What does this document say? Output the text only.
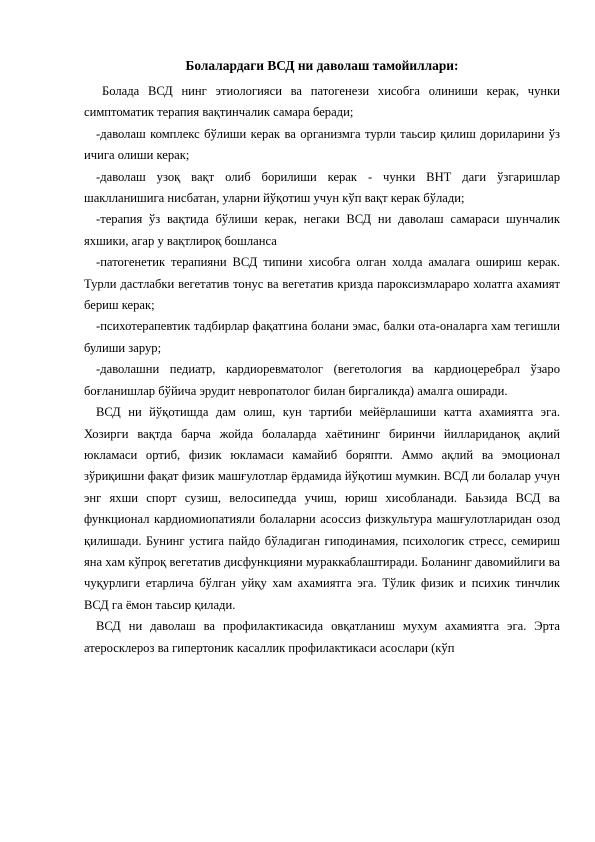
Болалардаги ВСД ни даволаш тамойиллари:

Болада ВСД нинг этиологияси ва патогенези хисобга олиниши керак, чунки симптоматик терапия вақтинчалик самара беради;

-даволаш комплекс бўлиши керак ва организмга турли таьсир қилиш дориларини ўз ичига олиши керак;

-даволаш узоқ вақт олиб борилиши керак - чунки ВНТ даги ўзгаришлар шаклланишига нисбатан, уларни йўқотиш учун кўп вақт керак бўлади;

-терапия ўз вақтида бўлиши керак, негаки ВСД ни даволаш самараси шунчалик яхшики, агар у вақтлироқ бошланса

-патогенетик терапияни ВСД типини хисобга олган холда амалага ошириш керак. Турли дастлабки вегетатив тонус ва вегетатив кризда пароксизмлараро холатга ахамият бериш керак;

-психотерапевтик тадбирлар фақатгина болани эмас, балки ота-оналарга хам тегишли булиши зарур;

-даволашни педиатр, кардиоревматолог (вегетология ва кардиоцеребрал ўзаро боғланишлар бўйича эрудит невропатолог билан биргаликда) амалга оширади.

ВСД ни йўқотишда дам олиш, кун тартиби мейёрлашиши катта ахамиятга эга. Хозирги вақтда барча жойда болаларда хаётининг биринчи йиллариданоқ ақлий юкламаси ортиб, физик юкламаси камайиб боряпти. Аммо ақлий ва эмоционал зўриқишни фақат физик машғулотлар ёрдамида йўқотиш мумкин. ВСД ли болалар учун энг яхши спорт сузиш, велосипедда учиш, юриш хисобланади. Баьзида ВСД ва функционал кардиомиопатияли болаларни асоссиз физкультура машғулотларидан озод қилишади. Бунинг устига пайдо бўладиган гиподинамия, психологик стресс, семириш яна хам кўпроқ вегетатив дисфункцияни мураккаблаштиради. Боланинг давомийлиги ва чуқурлиги етарлича бўлган уйқу хам ахамиятга эга. Тўлик физик и психик тинчлик ВСД га ёмон таьсир қилади.

ВСД ни даволаш ва профилактикасида овқатланиш мухум ахамиятга эга. Эрта атеросклероз ва гипертоник касаллик профилактикаси асослари (кўп
